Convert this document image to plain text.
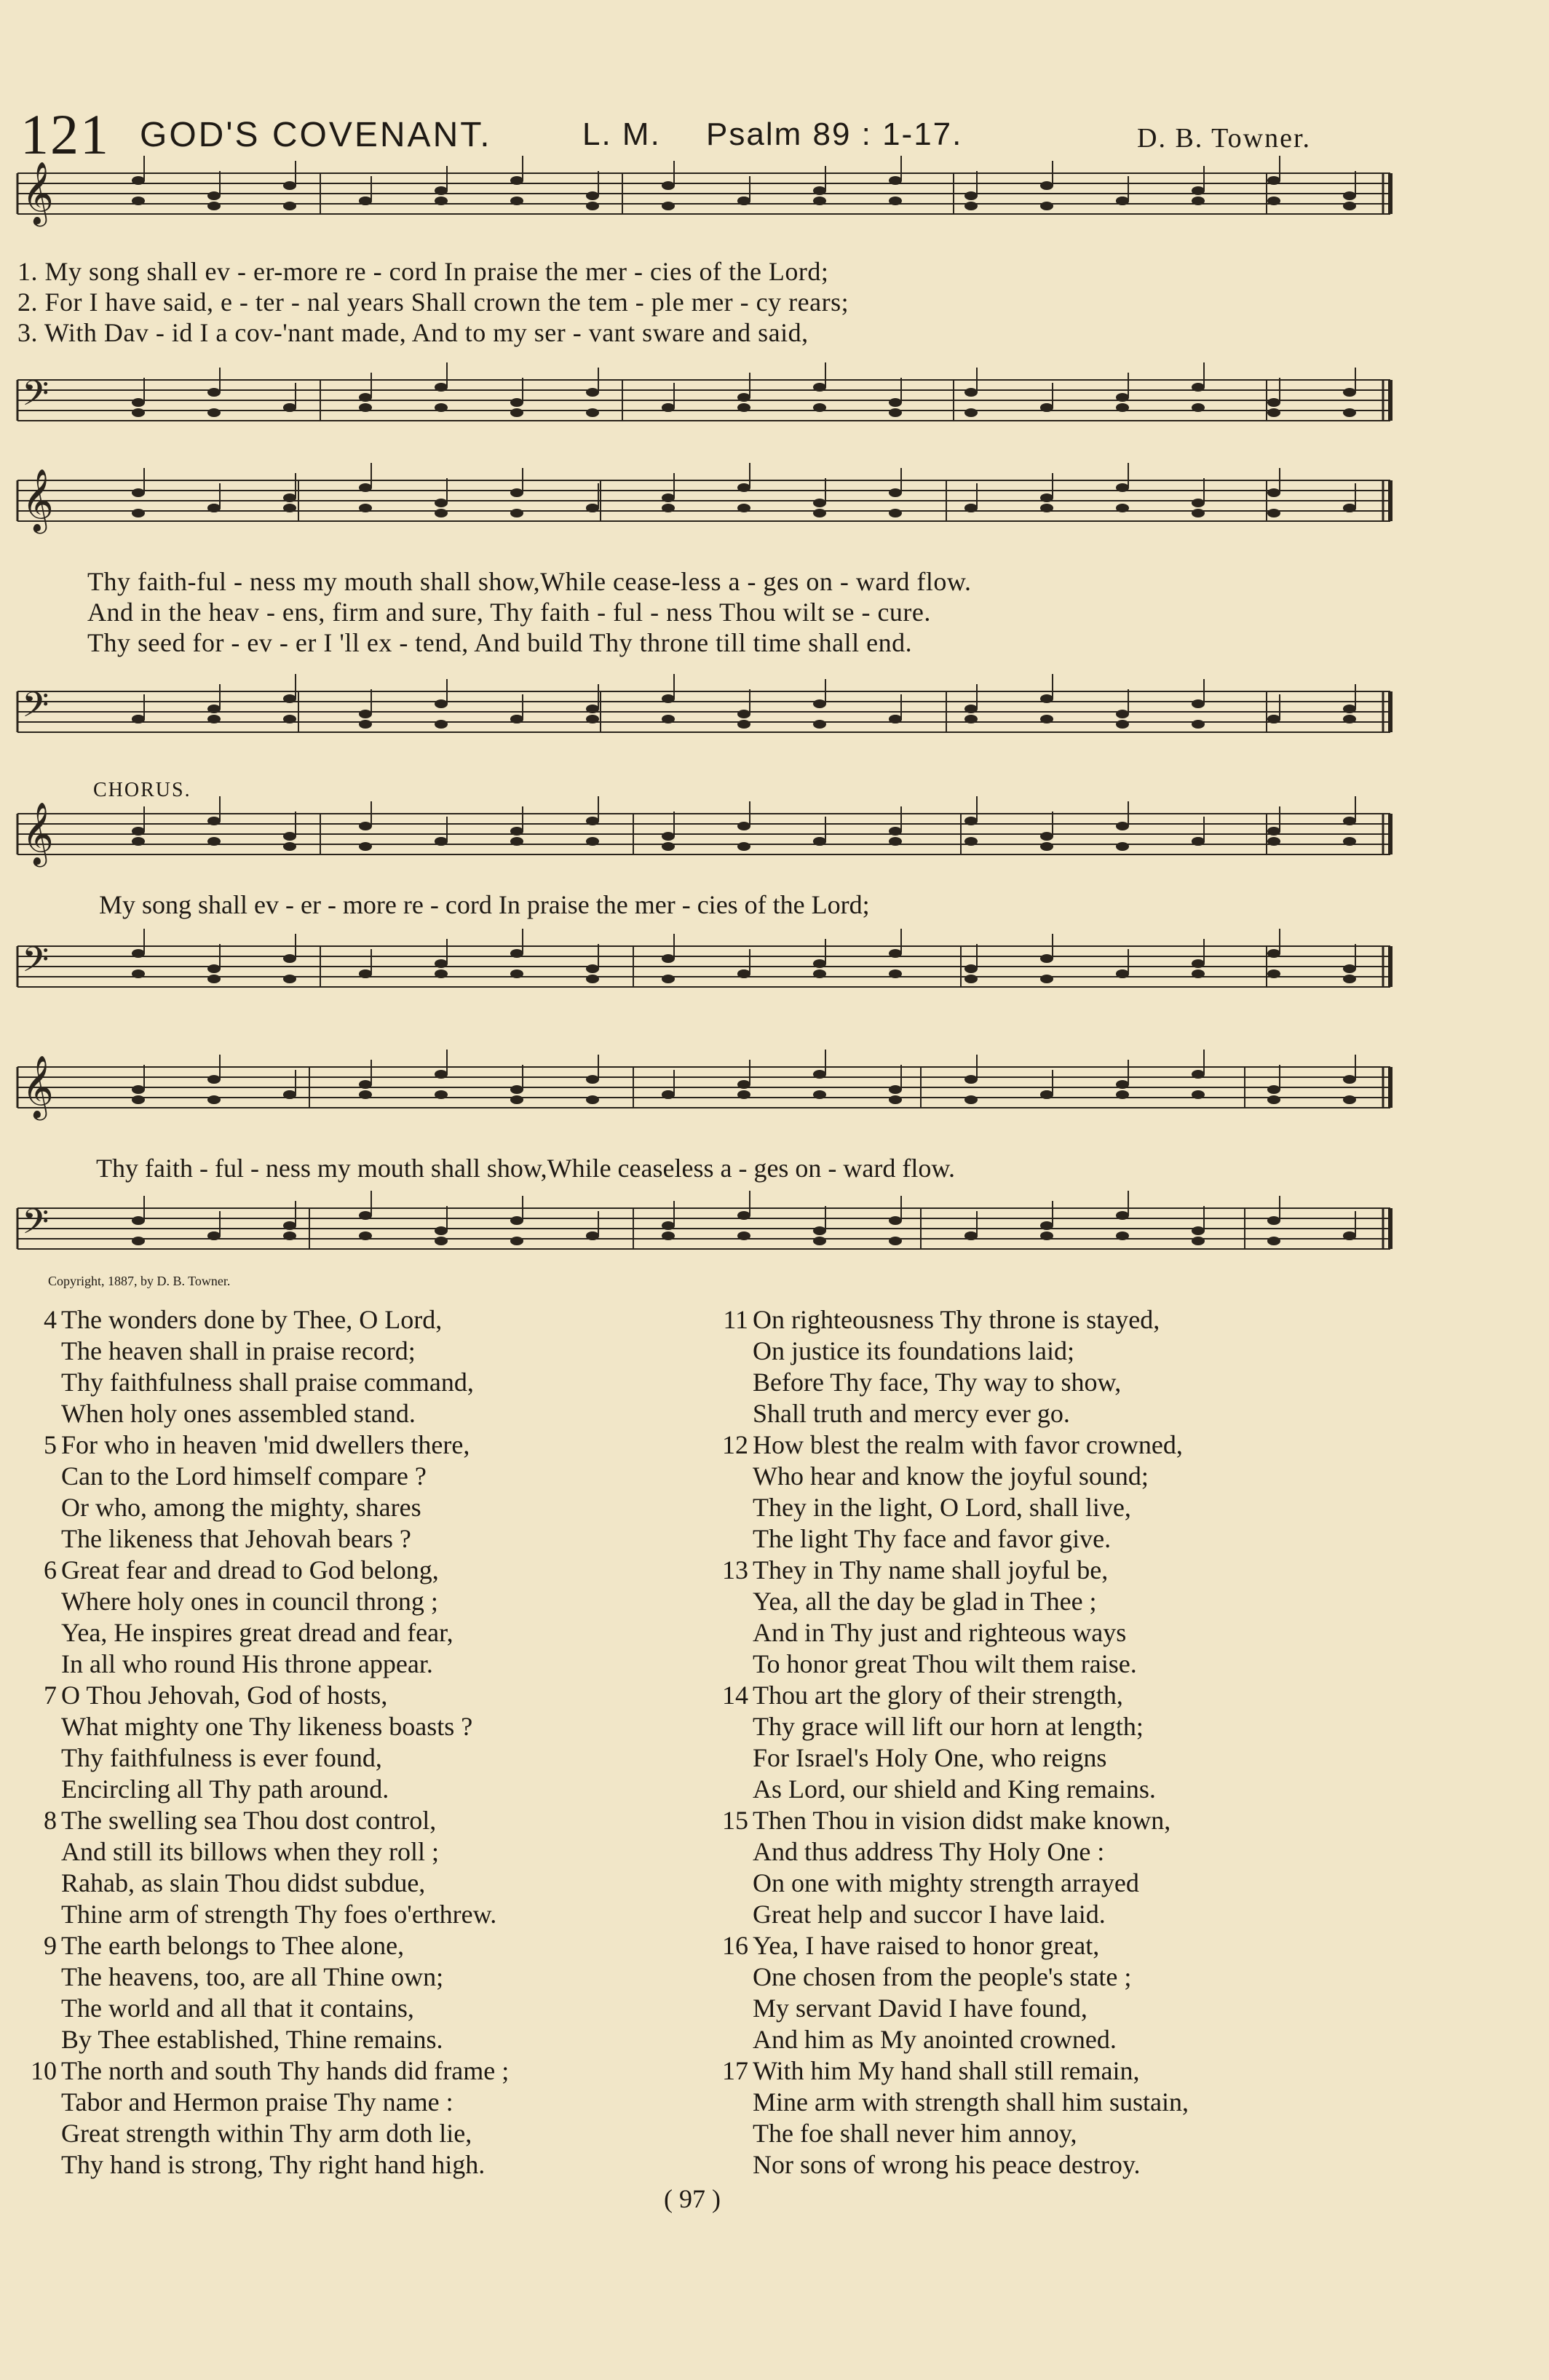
121 GOD'S COVENANT.	L. M. Psalm 89 : 1-17.	D. B. Towner.
𝄞
𝄢
𝄞
𝄢
𝄞
𝄢
𝄞
𝄢
1. My song shall ev - er-more re - cord In praise the mer - cies of the Lord;
2. For I have said, e - ter - nal years Shall crown the tem - ple mer - cy rears;
3. With Dav - id I a cov-'nant made, And to my ser - vant sware and said,
Thy faith-ful - ness my mouth shall show,While cease-less a - ges on - ward flow.
And in the heav - ens, firm and sure, Thy faith - ful - ness Thou wilt se - cure.
Thy seed for - ev - er I 'll ex - tend, And build Thy throne till time shall end.
CHORUS.
My song shall ev - er - more re - cord In praise the mer - cies of the Lord;
Thy faith - ful - ness my mouth shall show,While ceaseless a - ges on - ward flow.
Copyright, 1887, by D. B. Towner.
4 The wonders done by Thee, O Lord,
The heaven shall in praise record;
Thy faithfulness shall praise command,
When holy ones assembled stand.
5 For who in heaven 'mid dwellers there,
Can to the Lord himself compare ?
Or who, among the mighty, shares
The likeness that Jehovah bears ?
6 Great fear and dread to God belong,
Where holy ones in council throng ;
Yea, He inspires great dread and fear,
In all who round His throne appear.
7 O Thou Jehovah, God of hosts,
What mighty one Thy likeness boasts ?
Thy faithfulness is ever found,
Encircling all Thy path around.
8 The swelling sea Thou dost control,
And still its billows when they roll ;
Rahab, as slain Thou didst subdue,
Thine arm of strength Thy foes o'erthrew.
9 The earth belongs to Thee alone,
The heavens, too, are all Thine own;
The world and all that it contains,
By Thee established, Thine remains.
10 The north and south Thy hands did frame ;
Tabor and Hermon praise Thy name :
Great strength within Thy arm doth lie,
Thy hand is strong, Thy right hand high.
11 On righteousness Thy throne is stayed,
On justice its foundations laid;
Before Thy face, Thy way to show,
Shall truth and mercy ever go.
12 How blest the realm with favor crowned,
Who hear and know the joyful sound;
They in the light, O Lord, shall live,
The light Thy face and favor give.
13 They in Thy name shall joyful be,
Yea, all the day be glad in Thee ;
And in Thy just and righteous ways
To honor great Thou wilt them raise.
14 Thou art the glory of their strength,
Thy grace will lift our horn at length;
For Israel's Holy One, who reigns
As Lord, our shield and King remains.
15 Then Thou in vision didst make known,
And thus address Thy Holy One :
On one with mighty strength arrayed
Great help and succor I have laid.
16 Yea, I have raised to honor great,
One chosen from the people's state ;
My servant David I have found,
And him as My anointed crowned.
17 With him My hand shall still remain,
Mine arm with strength shall him sustain,
The foe shall never him annoy,
Nor sons of wrong his peace destroy.
( 97 )
